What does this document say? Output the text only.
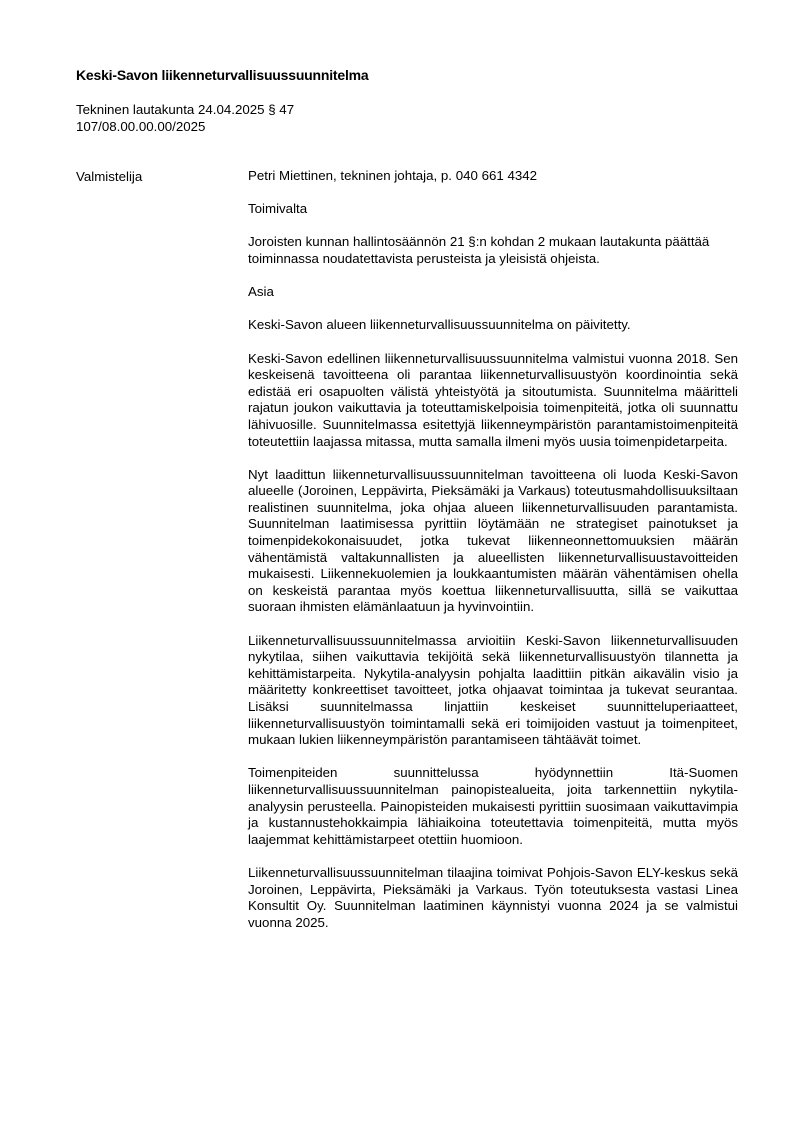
Keski-Savon liikenneturvallisuussuunnitelma
Tekninen lautakunta 24.04.2025 § 47
107/08.00.00.00/2025
Valmistelija	Petri Miettinen, tekninen johtaja, p. 040 661 4342

Toimivalta

Joroisten kunnan hallintosäännön 21 §:n kohdan 2 mukaan lautakunta päättää toiminnassa noudatettavista perusteista ja yleisistä ohjeista.

Asia

Keski-Savon alueen liikenneturvallisuussuunnitelma on päivitetty.

Keski-Savon edellinen liikenneturvallisuussuunnitelma valmistui vuonna 2018. Sen keskeisenä tavoitteena oli parantaa liikenneturvallisuustyön koordinointia sekä edistää eri osapuolten välistä yhteistyötä ja sitoutumista. Suunnitelma määritteli rajatun joukon vaikuttavia ja toteuttamiskelpoisia toimenpiteitä, jotka oli suunnattu lähivuosille. Suunnitelmassa esitettyjä liikenneympäristön parantamistoimenpiteitä toteutettiin laajassa mitassa, mutta samalla ilmeni myös uusia toimenpidetarpeita.

Nyt laadittun liikenneturvallisuussuunnitelman tavoitteena oli luoda Keski-Savon alueelle (Joroinen, Leppävirta, Pieksämäki ja Varkaus) toteutusmahdollisuuksiltaan realistinen suunnitelma, joka ohjaa alueen liikenneturvallisuuden parantamista. Suunnitelman laatimisessa pyrittiin löytämään ne strategiset painotukset ja toimenpidekokonaisuudet, jotka tukevat liikenneonnettomuuksien määrän vähentämistä valtakunnallisten ja alueellisten liikenneturvallisuustavoitteiden mukaisesti. Liikennekuolemien ja loukkaantumisten määrän vähentämisen ohella on keskeistä parantaa myös koettua liikenneturvallisuutta, sillä se vaikuttaa suoraan ihmisten elämänlaatuun ja hyvinvointiin.

Liikenneturvallisuussuunnitelmassa arvioitiin Keski-Savon liikenneturvallisuuden nykytilaa, siihen vaikuttavia tekijöitä sekä liikenneturvallisuustyön tilannetta ja kehittämistarpeita. Nykytila-analyysin pohjalta laadittiin pitkän aikavälin visio ja määritetty konkreettiset tavoitteet, jotka ohjaavat toimintaa ja tukevat seurantaa. Lisäksi suunnitelmassa linjattiin keskeiset suunnitteluperiaatteet, liikenneturvallisuustyön toimintamalli sekä eri toimijoiden vastuut ja toimenpiteet, mukaan lukien liikenneympäristön parantamiseen tähtäävät toimet.

Toimenpiteiden suunnittelussa hyödynnettiin Itä-Suomen liikenneturvallisuussuunnitelman painopistealueita, joita tarkennettiin nykytila-analyysin perusteella. Painopisteiden mukaisesti pyrittiin suosimaan vaikuttavimpia ja kustannustehokkaimpia lähiaikoina toteutettavia toimenpiteitä, mutta myös laajemmat kehittämistarpeet otettiin huomioon.

Liikenneturvallisuussuunnitelman tilaajina toimivat Pohjois-Savon ELY-keskus sekä Joroinen, Leppävirta, Pieksämäki ja Varkaus. Työn toteutuksesta vastasi Linea Konsultit Oy. Suunnitelman laatiminen käynnistyi vuonna 2024 ja se valmistui vuonna 2025.
